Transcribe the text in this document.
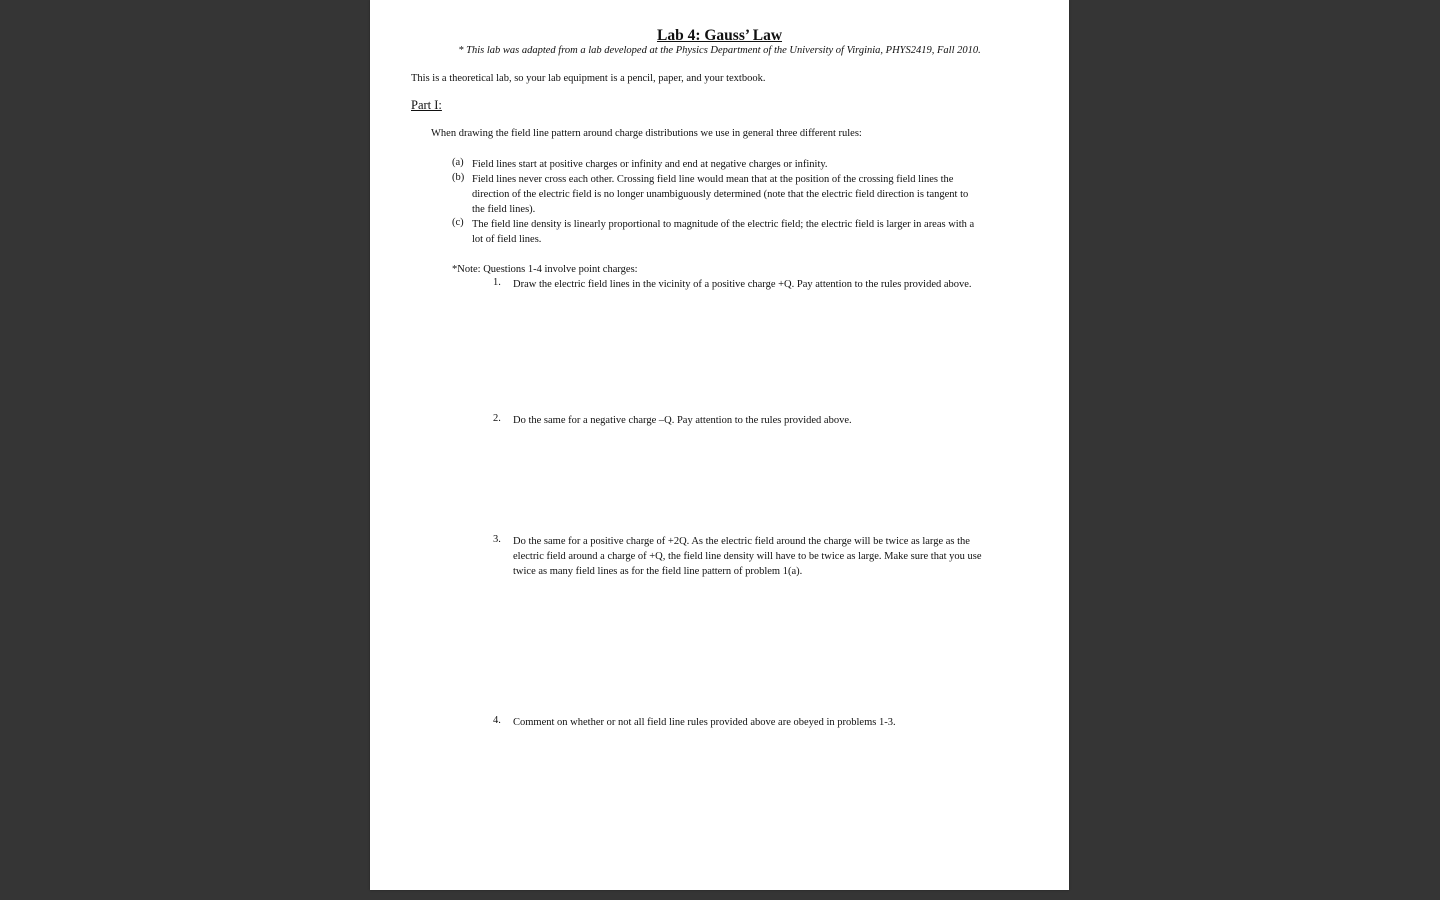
Lab 4: Gauss’ Law
* This lab was adapted from a lab developed at the Physics Department of the University of Virginia, PHYS2419, Fall 2010.
This is a theoretical lab, so your lab equipment is a pencil, paper, and your textbook.
Part I:
When drawing the field line pattern around charge distributions we use in general three different rules:
(a) Field lines start at positive charges or infinity and end at negative charges or infinity.
(b) Field lines never cross each other. Crossing field line would mean that at the position of the crossing field lines the
direction of the electric field is no longer unambiguously determined (note that the electric field direction is tangent to
the field lines).
(c) The field line density is linearly proportional to magnitude of the electric field; the electric field is larger in areas with a
lot of field lines.
*Note: Questions 1-4 involve point charges:
1. Draw the electric field lines in the vicinity of a positive charge +Q. Pay attention to the rules provided above.
2. Do the same for a negative charge –Q. Pay attention to the rules provided above.
3. Do the same for a positive charge of +2Q. As the electric field around the charge will be twice as large as the
electric field around a charge of +Q, the field line density will have to be twice as large. Make sure that you use
twice as many field lines as for the field line pattern of problem 1(a).
4. Comment on whether or not all field line rules provided above are obeyed in problems 1-3.
